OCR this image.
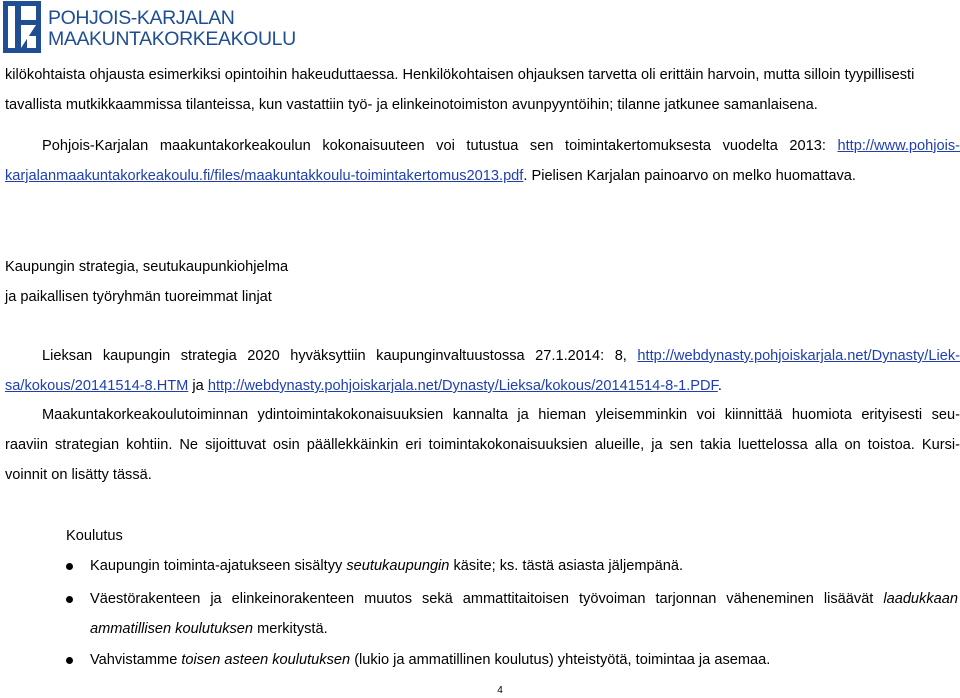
POHJOIS-KARJALAN
MAAKUNTAKORKEAKOULU

kilökohtaista ohjausta esimerkiksi opintoihin hakeuduttaessa. Henkilökohtaisen ohjauksen tarvetta oli erittäin harvoin, mutta silloin tyypillisesti

tavallista mutkikkaammissa tilanteissa, kun vastattiin työ- ja elinkeinotoimiston avunpyyntöihin; tilanne jatkunee samanlaisena.

Pohjois-Karjalan maakuntakorkeakoulun kokonaisuuteen voi tutustua sen toimintakertomuksesta vuodelta 2013: http://www.pohjois-

karjalanmaakuntakorkeakoulu.fi/files/maakuntakkoulu-toimintakertomus2013.pdf. Pielisen Karjalan painoarvo on melko huomattava.

Kaupungin strategia, seutukaupunkiohjelma

ja paikallisen työryhmän tuoreimmat linjat

Lieksan kaupungin strategia 2020 hyväksyttiin kaupunginvaltuustossa 27.1.2014: 8, http://webdynasty.pohjoiskarjala.net/Dynasty/Liek-

sa/kokous/20141514-8.HTM ja http://webdynasty.pohjoiskarjala.net/Dynasty/Lieksa/kokous/20141514-8-1.PDF.

Maakuntakorkeakoulutoiminnan ydintoimintakokonaisuuksien kannalta ja hieman yleisemminkin voi kiinnittää huomiota erityisesti seu-

raaviin strategian kohtiin. Ne sijoittuvat osin päällekkäinkin eri toimintakokonaisuuksien alueille, ja sen takia luettelossa alla on toistoa. Kursi-

voinnit on lisätty tässä.

Koulutus

Kaupungin toiminta-ajatukseen sisältyy seutukaupungin käsite; ks. tästä asiasta jäljempänä.
Väestörakenteen ja elinkeinorakenteen muutos sekä ammattitaitoisen työvoiman tarjonnan väheneminen lisäävät laadukkaan
ammatillisen koulutuksen merkitystä.
Vahvistamme toisen asteen koulutuksen (lukio ja ammatillinen koulutus) yhteistyötä, toimintaa ja asemaa.
4
